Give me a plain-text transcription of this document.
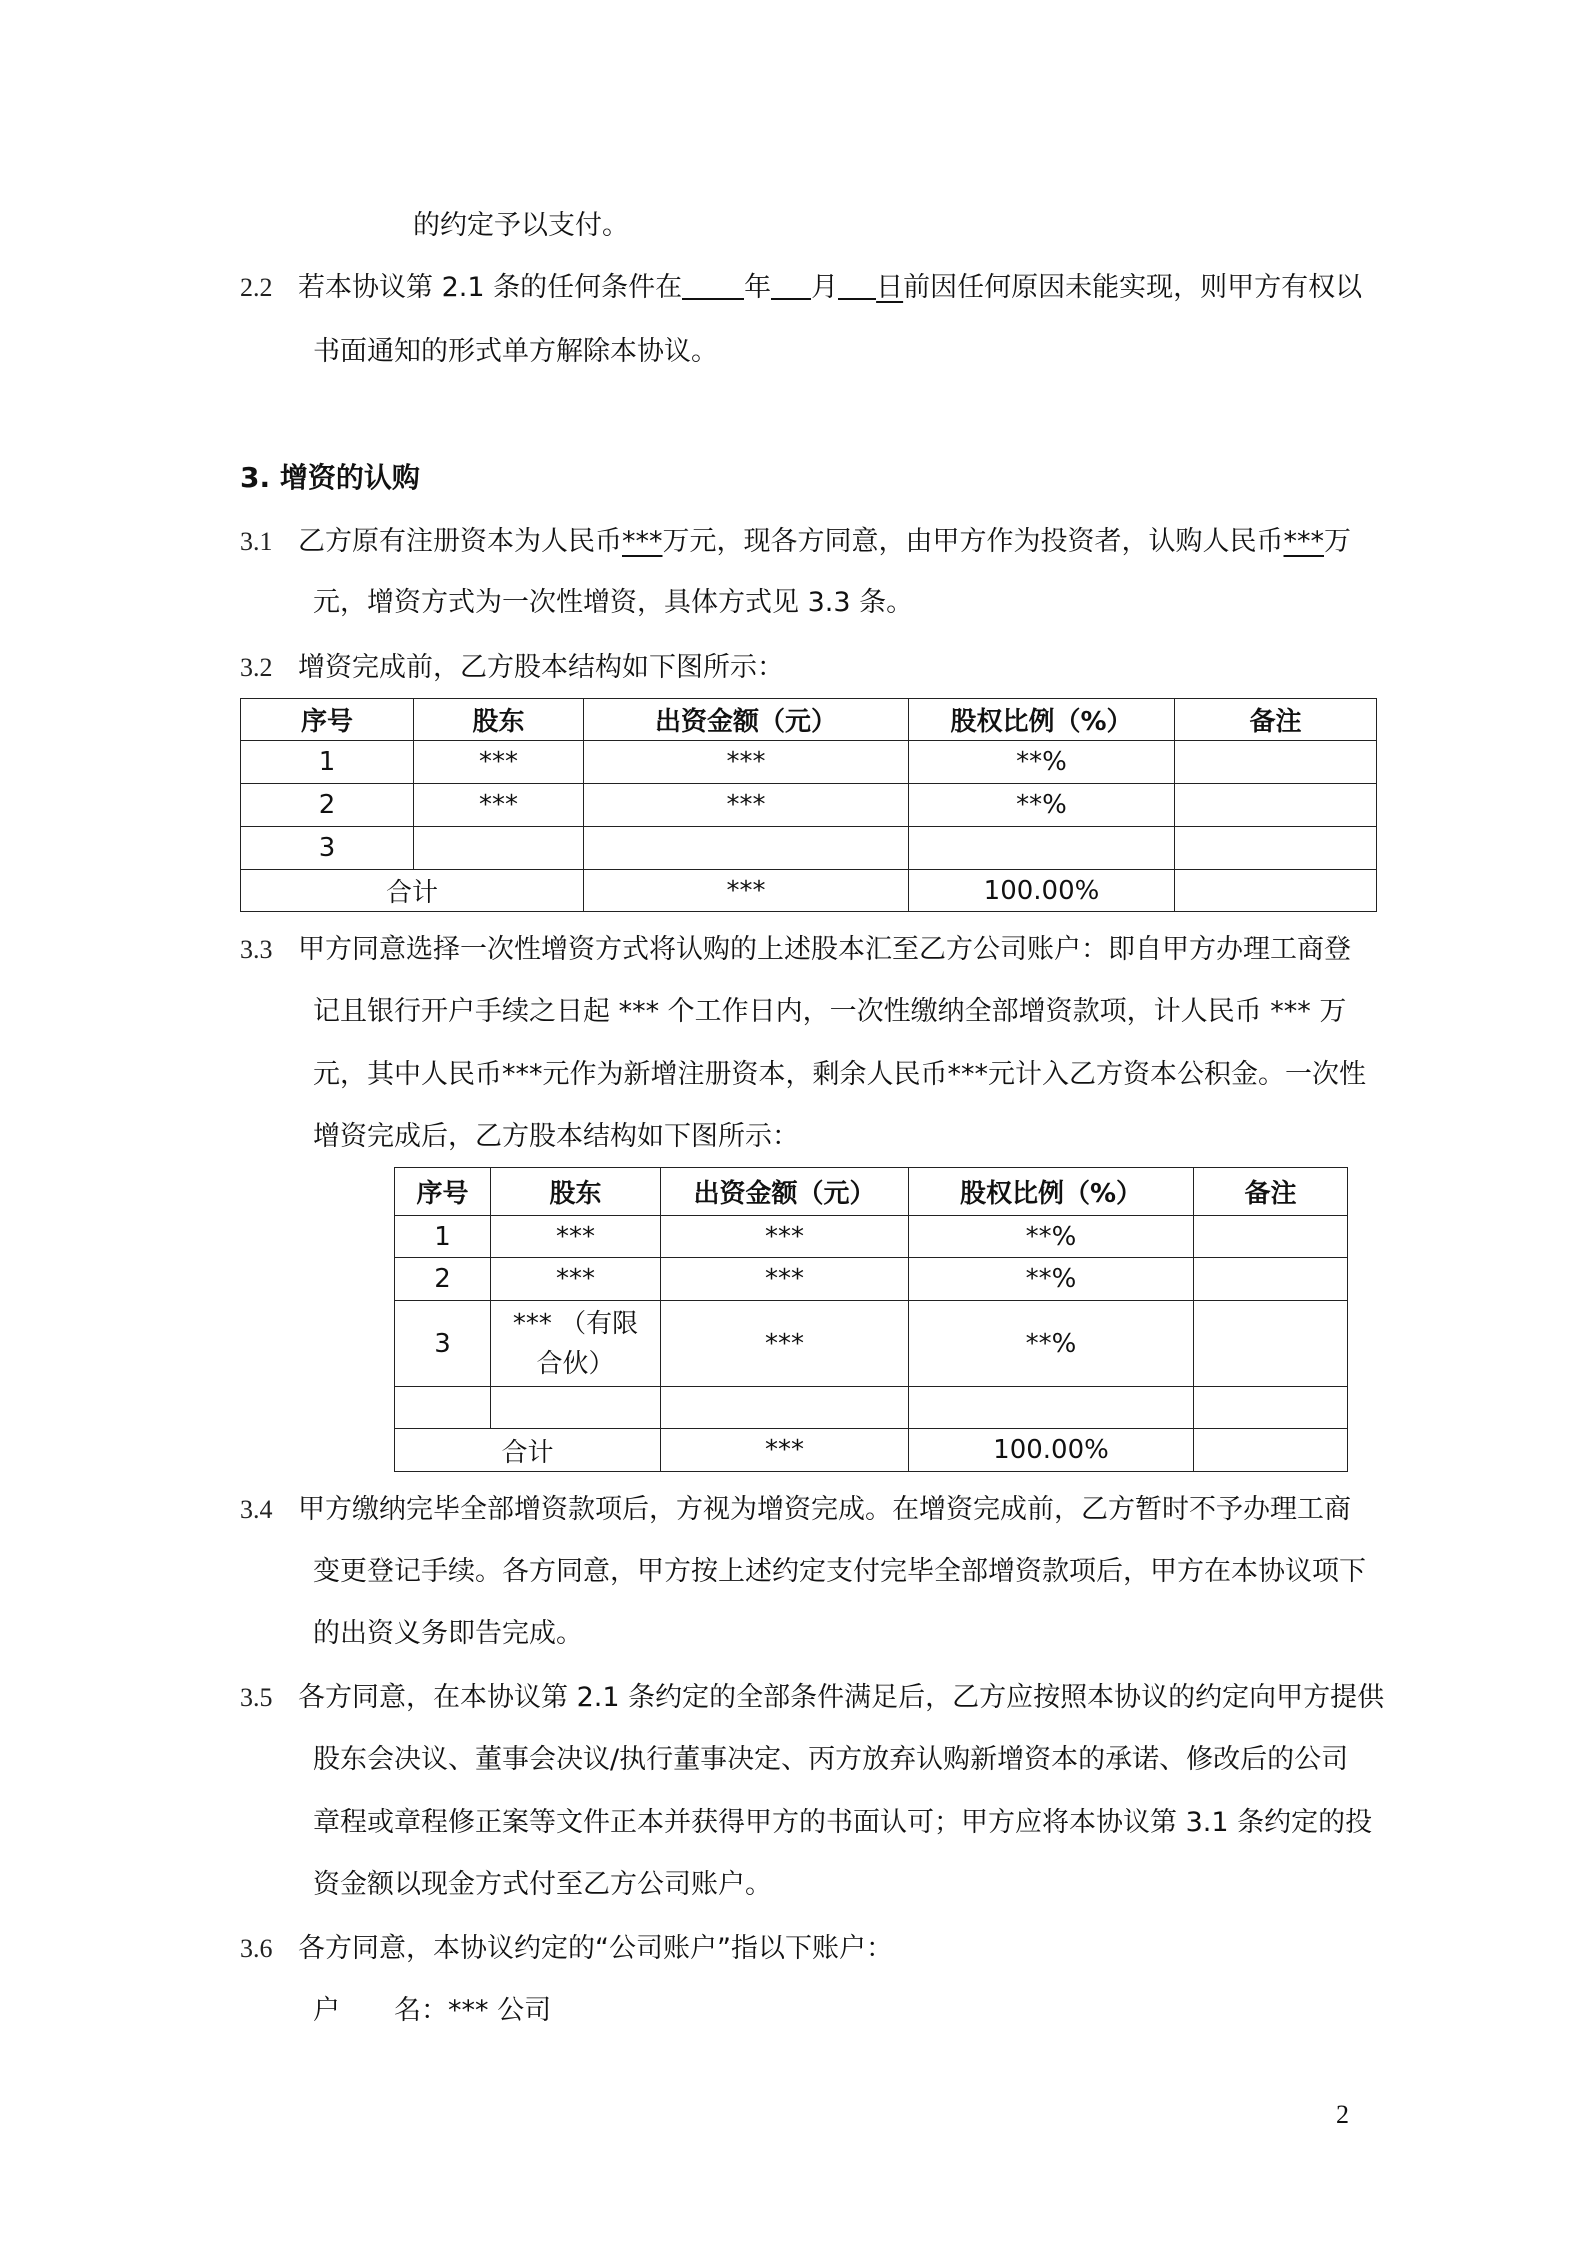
的约定予以支付。
2.2 若本协议第 2.1 条的任何条件在 年 月 日前因任何原因未能实现，则甲方有权以
书面通知的形式单方解除本协议。
3. 增资的认购
3.1 乙方原有注册资本为人民币***万元，现各方同意，由甲方作为投资者，认购人民币***万
元，增资方式为一次性增资，具体方式见 3.3 条。
3.2 增资完成前，乙方股本结构如下图所示：
序号	股东	出资金额（元）	股权比例（%）	备注
1	***	***	**%	
2	***	***	**%	
3				
合计		***	100.00%	
3.3 甲方同意选择一次性增资方式将认购的上述股本汇至乙方公司账户：即自甲方办理工商登
记且银行开户手续之日起 *** 个工作日内，一次性缴纳全部增资款项，计人民币 *** 万
元，其中人民币***元作为新增注册资本，剩余人民币***元计入乙方资本公积金。一次性
增资完成后，乙方股本结构如下图所示：
序号	股东	出资金额（元）	股权比例（%）	备注
1	***	***	**%	
2	***	***	**%	
3	*** （有限合伙）	***	**%	

合计		***	100.00%	
3.4 甲方缴纳完毕全部增资款项后，方视为增资完成。在增资完成前，乙方暂时不予办理工商
变更登记手续。各方同意，甲方按上述约定支付完毕全部增资款项后，甲方在本协议项下
的出资义务即告完成。
3.5 各方同意，在本协议第 2.1 条约定的全部条件满足后，乙方应按照本协议的约定向甲方提供
股东会决议、董事会决议/执行董事决定、丙方放弃认购新增资本的承诺、修改后的公司
章程或章程修正案等文件正本并获得甲方的书面认可；甲方应将本协议第 3.1 条约定的投
资金额以现金方式付至乙方公司账户。
3.6 各方同意，本协议约定的“公司账户”指以下账户：
户　　名：*** 公司
2
